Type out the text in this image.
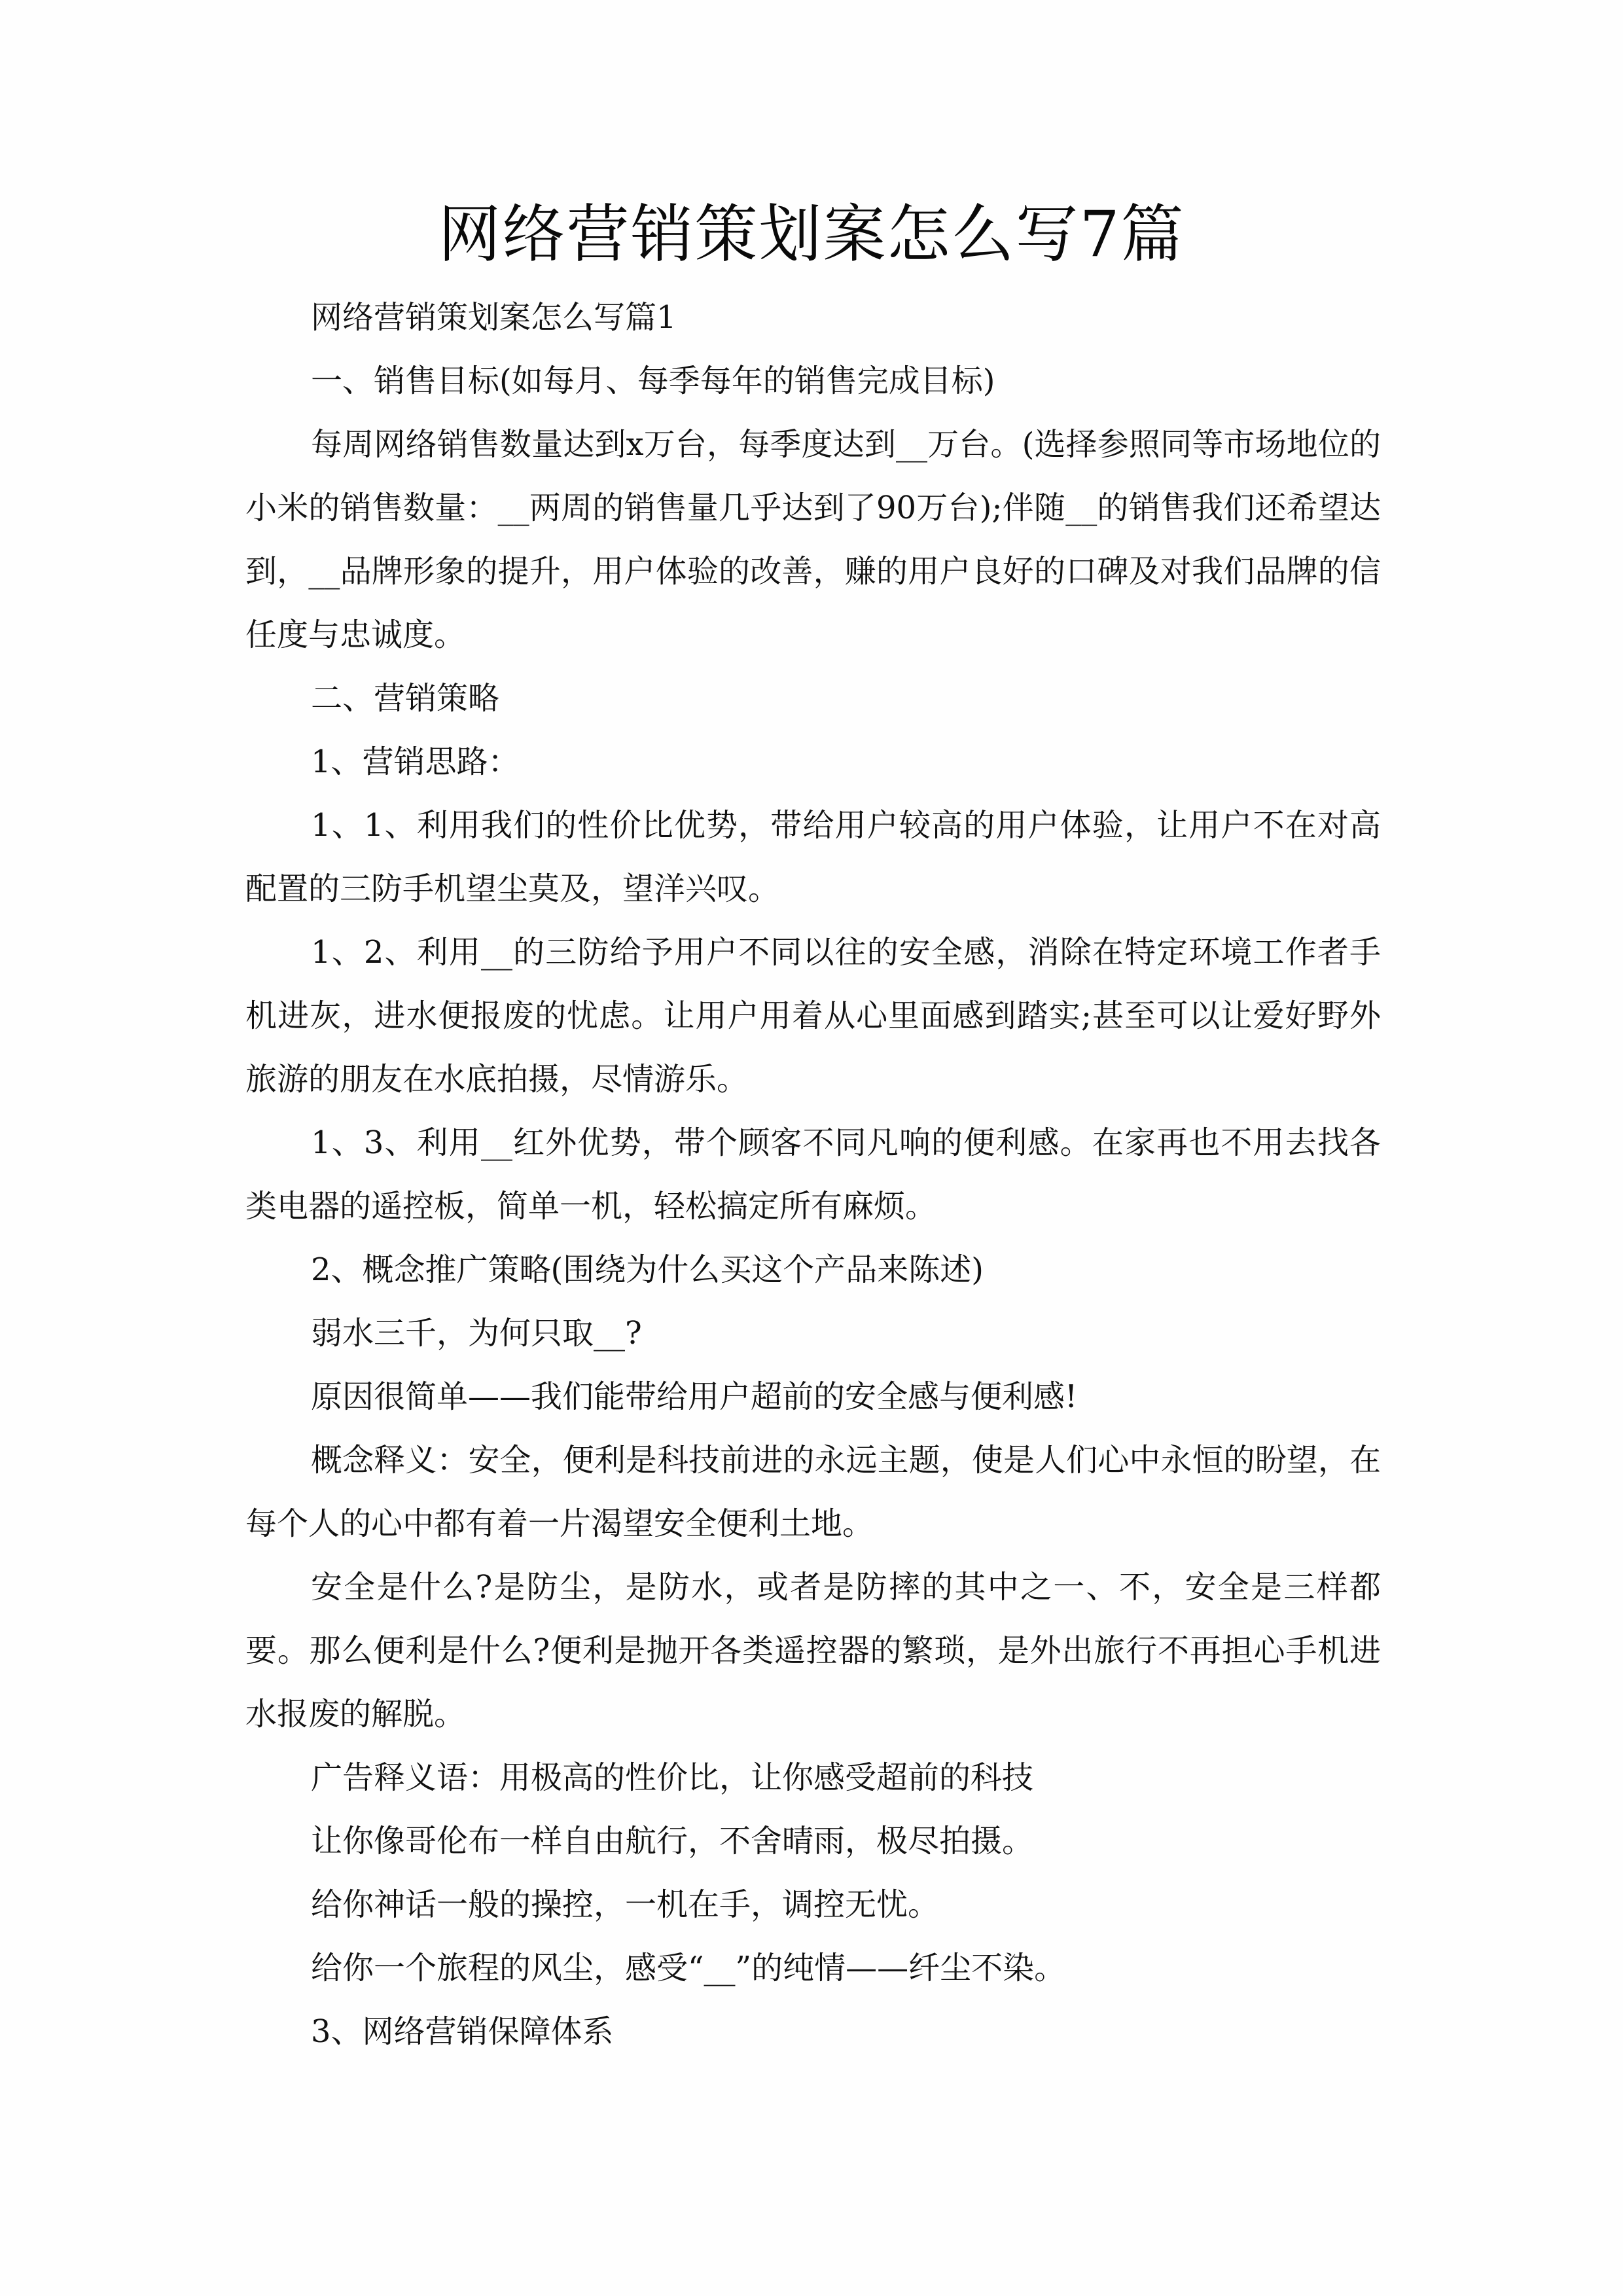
网络营销策划案怎么写7篇

网络营销策划案怎么写篇1

一、销售目标(如每月、每季每年的销售完成目标)

每周网络销售数量达到x万台，每季度达到__万台。(选择参照同等市场地位的小米的销售数量：__两周的销售量几乎达到了90万台);伴随__的销售我们还希望达到，__品牌形象的提升，用户体验的改善，赚的用户良好的口碑及对我们品牌的信任度与忠诚度。

二、营销策略

1、营销思路：

1、1、利用我们的性价比优势，带给用户较高的用户体验，让用户不在对高配置的三防手机望尘莫及，望洋兴叹。

1、2、利用__的三防给予用户不同以往的安全感，消除在特定环境工作者手机进灰，进水便报废的忧虑。让用户用着从心里面感到踏实;甚至可以让爱好野外旅游的朋友在水底拍摄，尽情游乐。

1、3、利用__红外优势，带个顾客不同凡响的便利感。在家再也不用去找各类电器的遥控板，简单一机，轻松搞定所有麻烦。

2、概念推广策略(围绕为什么买这个产品来陈述)

弱水三千，为何只取__?

原因很简单——我们能带给用户超前的安全感与便利感!

概念释义：安全，便利是科技前进的永远主题，使是人们心中永恒的盼望，在每个人的心中都有着一片渴望安全便利土地。

安全是什么?是防尘，是防水，或者是防摔的其中之一、不，安全是三样都要。那么便利是什么?便利是抛开各类遥控器的繁琐，是外出旅行不再担心手机进水报废的解脱。

广告释义语：用极高的性价比，让你感受超前的科技

让你像哥伦布一样自由航行，不舍晴雨，极尽拍摄。

给你神话一般的操控，一机在手，调控无忧。

给你一个旅程的风尘，感受“__”的纯情——纤尘不染。

3、网络营销保障体系
